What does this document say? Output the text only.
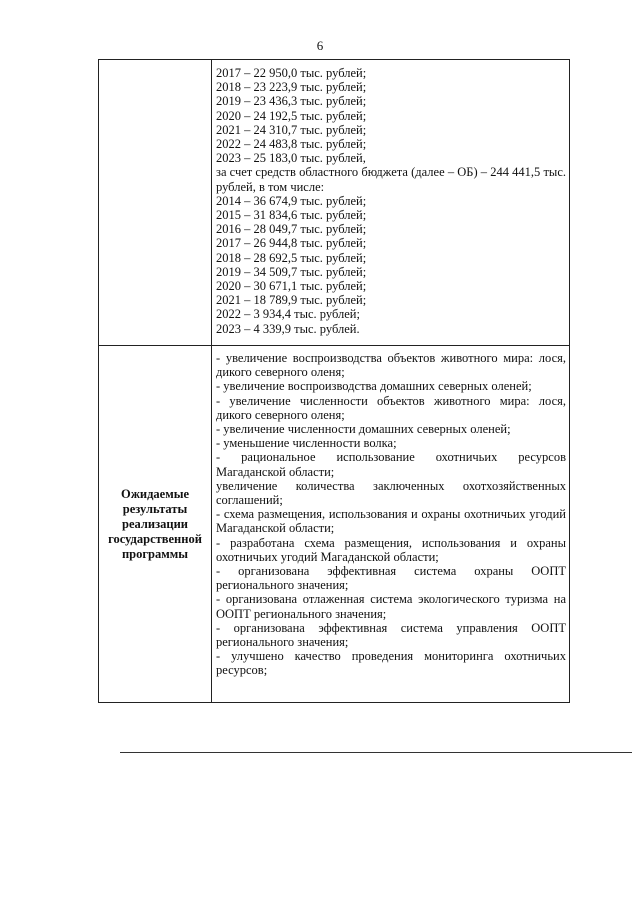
6
2017 – 22 950,0 тыс. рублей;
2018 – 23 223,9 тыс. рублей;
2019 – 23 436,3 тыс. рублей;
2020 – 24 192,5 тыс. рублей;
2021 – 24 310,7 тыс. рублей;
2022 – 24 483,8 тыс. рублей;
2023 – 25 183,0 тыс. рублей,
за счет средств областного бюджета (далее – ОБ) – 244 441,5 тыс. рублей, в том числе:
2014 – 36 674,9 тыс. рублей;
2015 – 31 834,6 тыс. рублей;
2016 – 28 049,7 тыс. рублей;
2017 – 26 944,8 тыс. рублей;
2018 – 28 692,5 тыс. рублей;
2019 – 34 509,7 тыс. рублей;
2020 – 30 671,1 тыс. рублей;
2021 – 18 789,9 тыс. рублей;
2022 – 3 934,4 тыс. рублей;
2023 – 4 339,9 тыс. рублей.
Ожидаемые результаты реализации государственной программы
- увеличение воспроизводства объектов животного мира: лося, дикого северного оленя;
- увеличение воспроизводства домашних северных оленей;
- увеличение численности объектов животного мира: лося, дикого северного оленя;
- увеличение численности домашних северных оленей;
- уменьшение численности волка;
- рациональное использование охотничьих ресурсов Магаданской области;
увеличение количества заключенных охотхозяйственных соглашений;
- схема размещения, использования и охраны охотничьих угодий Магаданской области;
- разработана схема размещения, использования и охраны охотничьих угодий Магаданской области;
- организована эффективная система охраны ООПТ регионального значения;
- организована отлаженная система экологического туризма на ООПТ регионального значения;
- организована эффективная система управления ООПТ регионального значения;
- улучшено качество проведения мониторинга охотничьих ресурсов;
